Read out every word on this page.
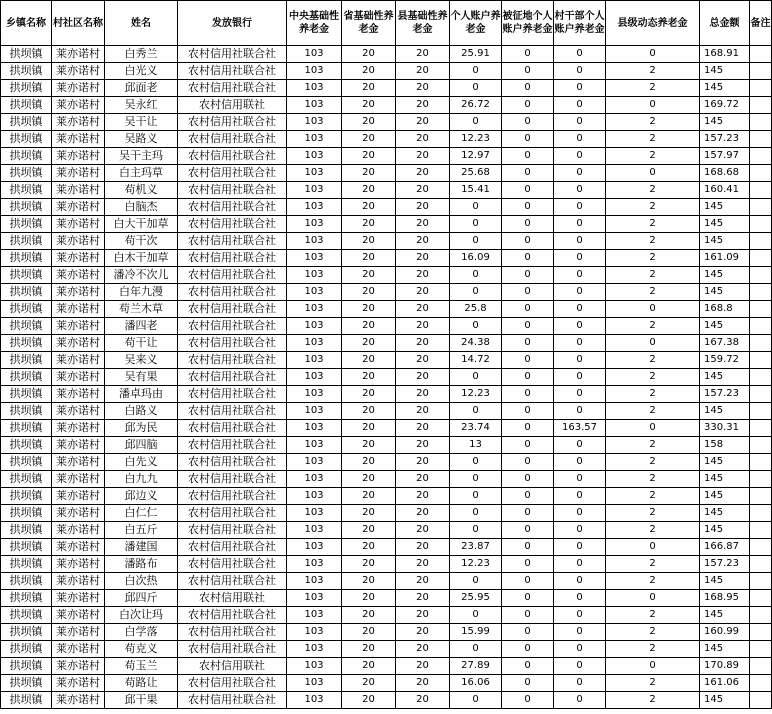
乡镇名称	村社区名称	姓名	发放银行	中央基础性养老金	省基础性养老金	县基础性养老金	个人账户养老金	被征地个人账户养老金	村干部个人账户养老金	县级动态养老金	总金额	备注
拱坝镇	莱亦诺村	白秀兰	农村信用社联合社	103	20	20	25.91	0	0	0	168.91	
拱坝镇	莱亦诺村	白光义	农村信用社联合社	103	20	20	0	0	0	2	145	
拱坝镇	莱亦诺村	邱面老	农村信用社联合社	103	20	20	0	0	0	2	145	
拱坝镇	莱亦诺村	吴永红	农村信用联社	103	20	20	26.72	0	0	0	169.72	
拱坝镇	莱亦诺村	吴干让	农村信用社联合社	103	20	20	0	0	0	2	145	
拱坝镇	莱亦诺村	吴路义	农村信用社联合社	103	20	20	12.23	0	0	2	157.23	
拱坝镇	莱亦诺村	吴干主玛	农村信用社联合社	103	20	20	12.97	0	0	2	157.97	
拱坝镇	莱亦诺村	白主玛草	农村信用社联合社	103	20	20	25.68	0	0	0	168.68	
拱坝镇	莱亦诺村	苟机义	农村信用社联合社	103	20	20	15.41	0	0	2	160.41	
拱坝镇	莱亦诺村	白脑杰	农村信用社联合社	103	20	20	0	0	0	2	145	
拱坝镇	莱亦诺村	白大干加草	农村信用社联合社	103	20	20	0	0	0	2	145	
拱坝镇	莱亦诺村	苟干次	农村信用社联合社	103	20	20	0	0	0	2	145	
拱坝镇	莱亦诺村	白木干加草	农村信用社联合社	103	20	20	16.09	0	0	2	161.09	
拱坝镇	莱亦诺村	潘冷不次儿	农村信用社联合社	103	20	20	0	0	0	2	145	
拱坝镇	莱亦诺村	白年九漫	农村信用社联合社	103	20	20	0	0	0	2	145	
拱坝镇	莱亦诺村	苟兰木草	农村信用社联合社	103	20	20	25.8	0	0	0	168.8	
拱坝镇	莱亦诺村	潘四老	农村信用社联合社	103	20	20	0	0	0	2	145	
拱坝镇	莱亦诺村	苟干让	农村信用社联合社	103	20	20	24.38	0	0	0	167.38	
拱坝镇	莱亦诺村	吴来义	农村信用社联合社	103	20	20	14.72	0	0	2	159.72	
拱坝镇	莱亦诺村	吴有果	农村信用社联合社	103	20	20	0	0	0	2	145	
拱坝镇	莱亦诺村	潘卓玛由	农村信用社联合社	103	20	20	12.23	0	0	2	157.23	
拱坝镇	莱亦诺村	白路义	农村信用社联合社	103	20	20	0	0	0	2	145	
拱坝镇	莱亦诺村	邱为民	农村信用社联合社	103	20	20	23.74	0	163.57	0	330.31	
拱坝镇	莱亦诺村	邱四脑	农村信用社联合社	103	20	20	13	0	0	2	158	
拱坝镇	莱亦诺村	白先义	农村信用社联合社	103	20	20	0	0	0	2	145	
拱坝镇	莱亦诺村	白九九	农村信用社联合社	103	20	20	0	0	0	2	145	
拱坝镇	莱亦诺村	邱边义	农村信用社联合社	103	20	20	0	0	0	2	145	
拱坝镇	莱亦诺村	白仁仁	农村信用社联合社	103	20	20	0	0	0	2	145	
拱坝镇	莱亦诺村	白五斤	农村信用社联合社	103	20	20	0	0	0	2	145	
拱坝镇	莱亦诺村	潘建国	农村信用社联合社	103	20	20	23.87	0	0	0	166.87	
拱坝镇	莱亦诺村	潘路布	农村信用社联合社	103	20	20	12.23	0	0	2	157.23	
拱坝镇	莱亦诺村	白次热	农村信用社联合社	103	20	20	0	0	0	2	145	
拱坝镇	莱亦诺村	邱四斤	农村信用联社	103	20	20	25.95	0	0	0	168.95	
拱坝镇	莱亦诺村	白次让玛	农村信用社联合社	103	20	20	0	0	0	2	145	
拱坝镇	莱亦诺村	白学落	农村信用社联合社	103	20	20	15.99	0	0	2	160.99	
拱坝镇	莱亦诺村	苟克义	农村信用社联合社	103	20	20	0	0	0	2	145	
拱坝镇	莱亦诺村	苟玉兰	农村信用联社	103	20	20	27.89	0	0	0	170.89	
拱坝镇	莱亦诺村	苟路让	农村信用社联合社	103	20	20	16.06	0	0	2	161.06	
拱坝镇	莱亦诺村	邱干果	农村信用社联合社	103	20	20	0	0	0	2	145	
